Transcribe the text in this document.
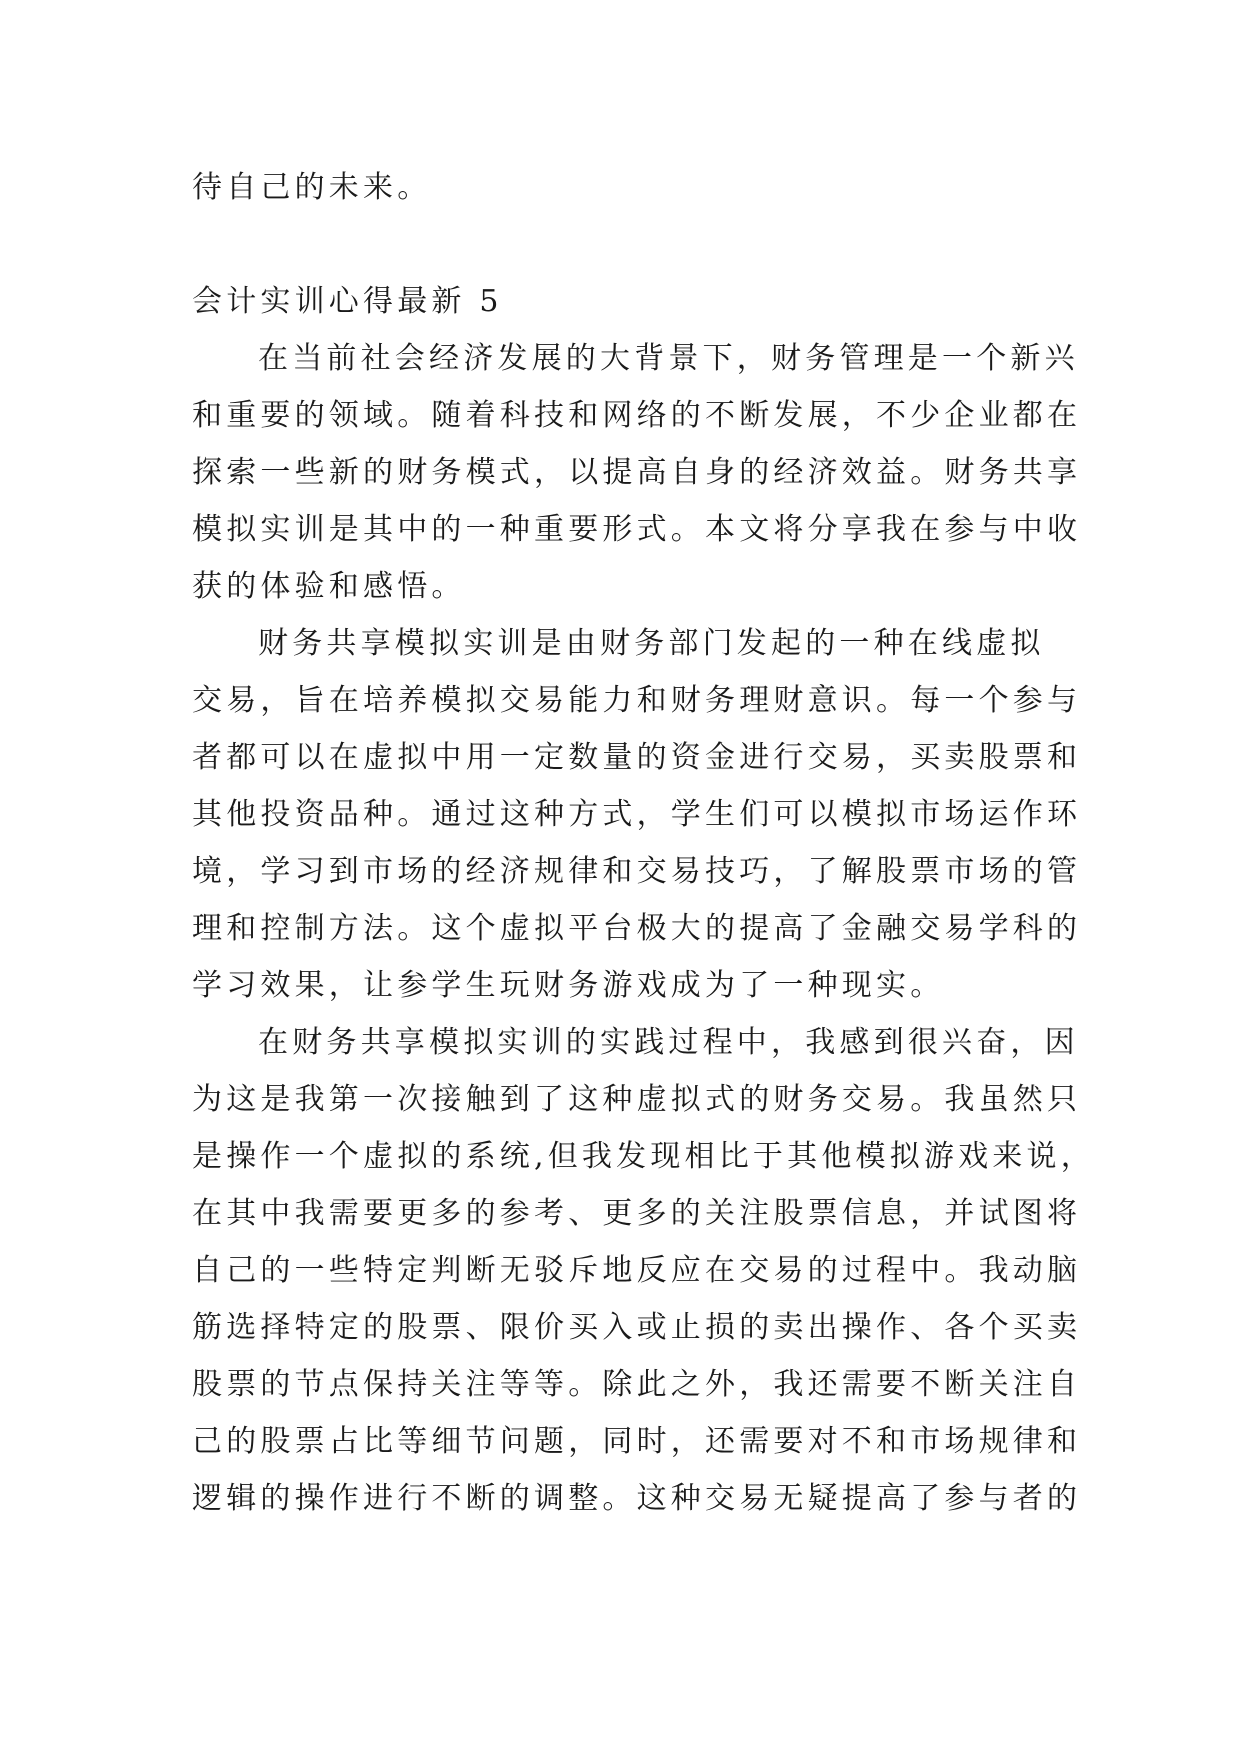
待自己的未来。
会计实训心得最新 5
在当前社会经济发展的大背景下，财务管理是一个新兴
和重要的领域。随着科技和网络的不断发展，不少企业都在
探索一些新的财务模式，以提高自身的经济效益。财务共享
模拟实训是其中的一种重要形式。本文将分享我在参与中收
获的体验和感悟。
财务共享模拟实训是由财务部门发起的一种在线虚拟
交易，旨在培养模拟交易能力和财务理财意识。每一个参与
者都可以在虚拟中用一定数量的资金进行交易，买卖股票和
其他投资品种。通过这种方式，学生们可以模拟市场运作环
境，学习到市场的经济规律和交易技巧，了解股票市场的管
理和控制方法。这个虚拟平台极大的提高了金融交易学科的
学习效果，让参学生玩财务游戏成为了一种现实。
在财务共享模拟实训的实践过程中，我感到很兴奋，因
为这是我第一次接触到了这种虚拟式的财务交易。我虽然只
是操作一个虚拟的系统,但我发现相比于其他模拟游戏来说，
在其中我需要更多的参考、更多的关注股票信息，并试图将
自己的一些特定判断无驳斥地反应在交易的过程中。我动脑
筋选择特定的股票、限价买入或止损的卖出操作、各个买卖
股票的节点保持关注等等。除此之外，我还需要不断关注自
己的股票占比等细节问题，同时，还需要对不和市场规律和
逻辑的操作进行不断的调整。这种交易无疑提高了参与者的
